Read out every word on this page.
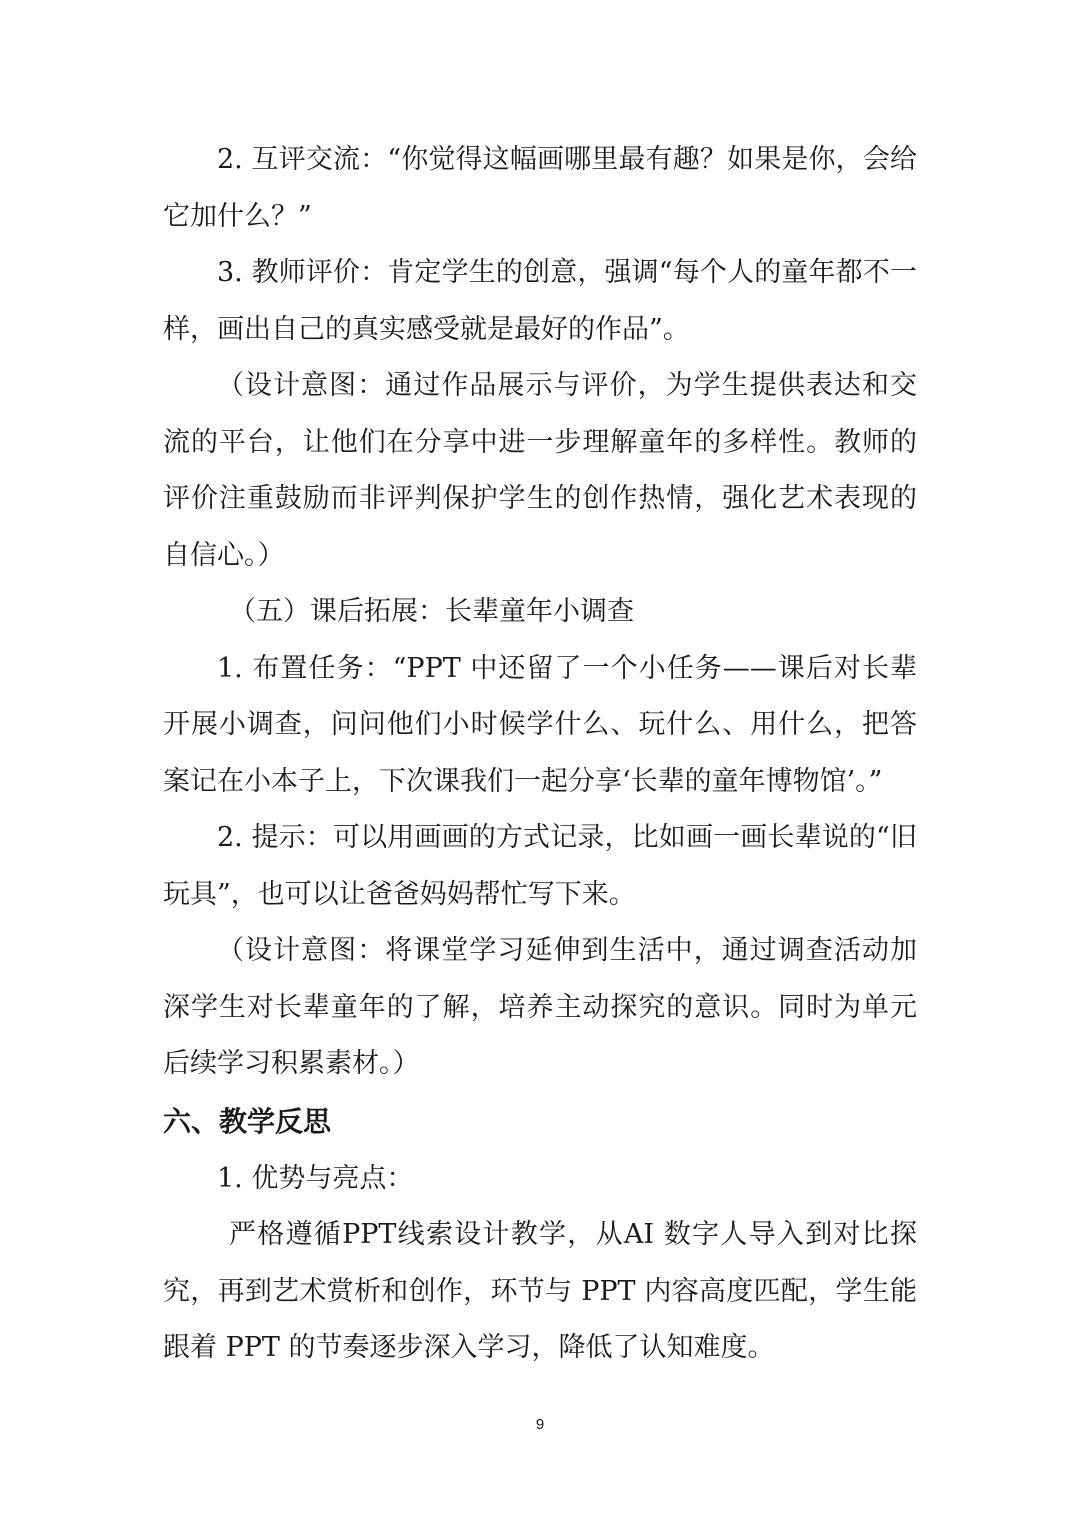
2. 互评交流：“你觉得这幅画哪里最有趣？如果是你，会给它加什么？”

3. 教师评价：肯定学生的创意，强调“每个人的童年都不一样，画出自己的真实感受就是最好的作品”。

（设计意图：通过作品展示与评价，为学生提供表达和交流的平台，让他们在分享中进一步理解童年的多样性。教师的评价注重鼓励而非评判保护学生的创作热情，强化艺术表现的自信心。）

（五）课后拓展：长辈童年小调查

1. 布置任务：“PPT 中还留了一个小任务——课后对长辈开展小调查，问问他们小时候学什么、玩什么、用什么，把答案记在小本子上，下次课我们一起分享‘长辈的童年博物馆’。”

2. 提示：可以用画画的方式记录，比如画一画长辈说的“旧玩具”，也可以让爸爸妈妈帮忙写下来。

（设计意图：将课堂学习延伸到生活中，通过调查活动加深学生对长辈童年的了解，培养主动探究的意识。同时为单元后续学习积累素材。）

六、教学反思

1. 优势与亮点：

严格遵循PPT线索设计教学，从AI 数字人导入到对比探究，再到艺术赏析和创作，环节与 PPT 内容高度匹配，学生能跟着 PPT 的节奏逐步深入学习，降低了认知难度。

9
